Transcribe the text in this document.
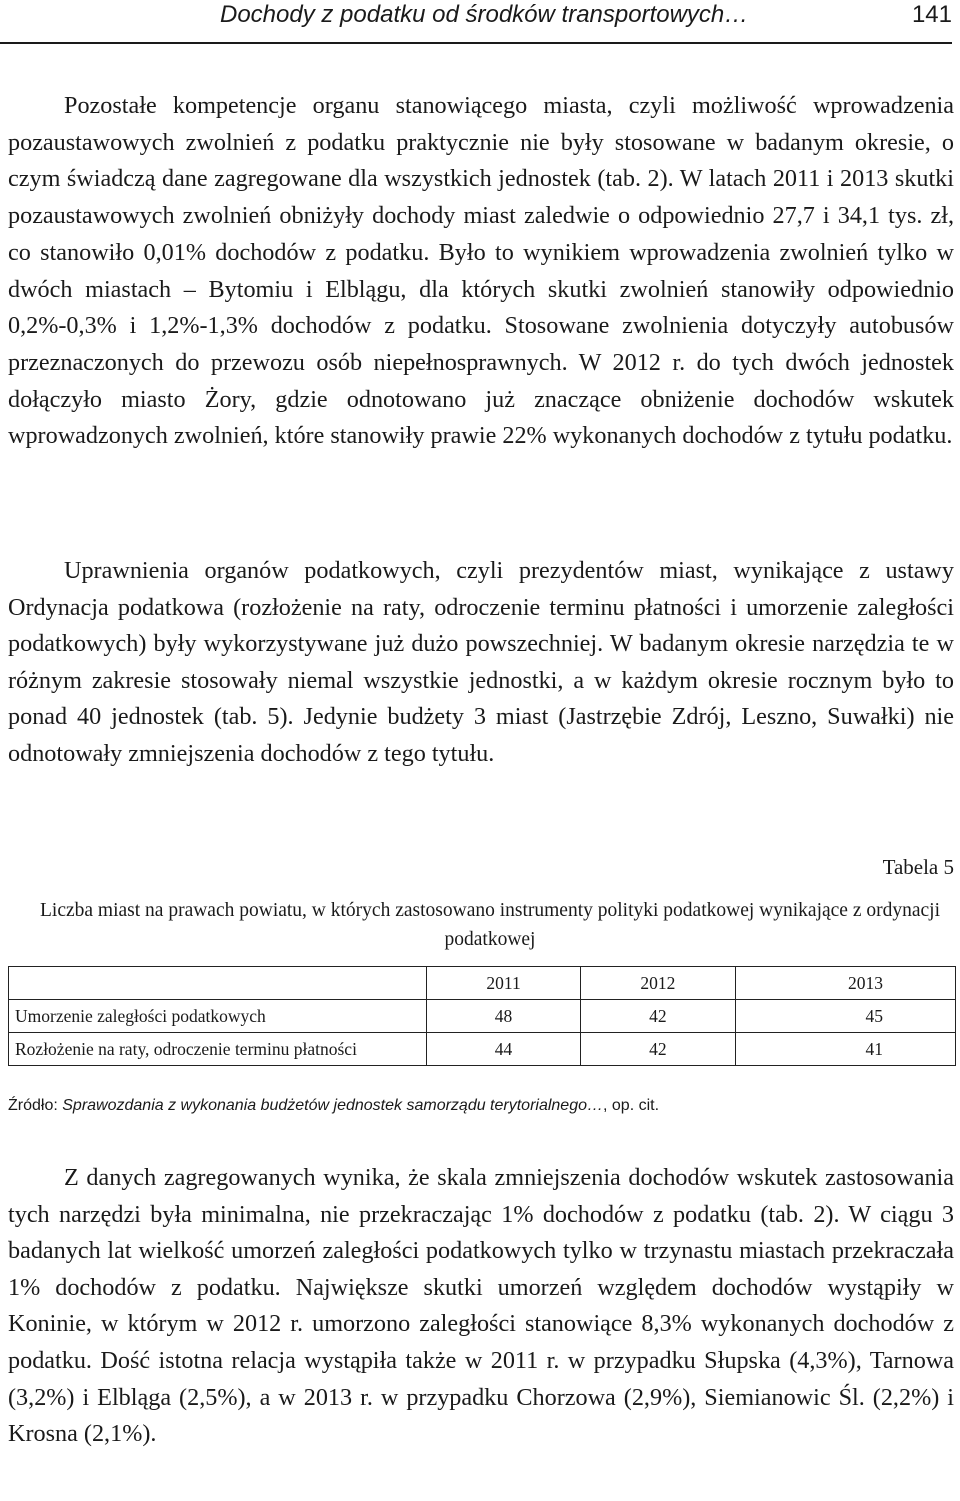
Dochody z podatku od środków transportowych…	141

Pozostałe kompetencje organu stanowiącego miasta, czyli możliwość wprowadzenia pozaustawowych zwolnień z podatku praktycznie nie były stosowane w badanym okresie, o czym świadczą dane zagregowane dla wszystkich jednostek (tab. 2). W latach 2011 i 2013 skutki pozaustawowych zwolnień obniżyły dochody miast zaledwie o odpowiednio 27,7 i 34,1 tys. zł, co stanowiło 0,01% dochodów z podatku. Było to wynikiem wprowadzenia zwolnień tylko w dwóch miastach – Bytomiu i Elblągu, dla których skutki zwolnień stanowiły odpowiednio 0,2%-0,3% i 1,2%-1,3% dochodów z podatku. Stosowane zwolnienia dotyczyły autobusów przeznaczonych do przewozu osób niepełnosprawnych. W 2012 r. do tych dwóch jednostek dołączyło miasto Żory, gdzie odnotowano już znaczące obniżenie dochodów wskutek wprowadzonych zwolnień, które stanowiły prawie 22% wykonanych dochodów z tytułu podatku.

Uprawnienia organów podatkowych, czyli prezydentów miast, wynikające z ustawy Ordynacja podatkowa (rozłożenie na raty, odroczenie terminu płatności i umorzenie zaległości podatkowych) były wykorzystywane już dużo powszechniej. W badanym okresie narzędzia te w różnym zakresie stosowały niemal wszystkie jednostki, a w każdym okresie rocznym było to ponad 40 jednostek (tab. 5). Jedynie budżety 3 miast (Jastrzębie Zdrój, Leszno, Suwałki) nie odnotowały zmniejszenia dochodów z tego tytułu.

Tabela 5

Liczba miast na prawach powiatu, w których zastosowano instrumenty polityki podatkowej wynikające z ordynacji podatkowej

	2011	2012	2013
Umorzenie zaległości podatkowych	48	42	45
Rozłożenie na raty, odroczenie terminu płatności	44	42	41
Źródło: Sprawozdania z wykonania budżetów jednostek samorządu terytorialnego…, op. cit.

Z danych zagregowanych wynika, że skala zmniejszenia dochodów wskutek zastosowania tych narzędzi była minimalna, nie przekraczając 1% dochodów z podatku (tab. 2). W ciągu 3 badanych lat wielkość umorzeń zaległości podatkowych tylko w trzynastu miastach przekraczała 1% dochodów z podatku. Największe skutki umorzeń względem dochodów wystąpiły w Koninie, w którym w 2012 r. umorzono zaległości stanowiące 8,3% wykonanych dochodów z podatku. Dość istotna relacja wystąpiła także w 2011 r. w przypadku Słupska (4,3%), Tarnowa (3,2%) i Elbląga (2,5%), a w 2013 r. w przypadku Chorzowa (2,9%), Siemianowic Śl. (2,2%) i Krosna (2,1%).
